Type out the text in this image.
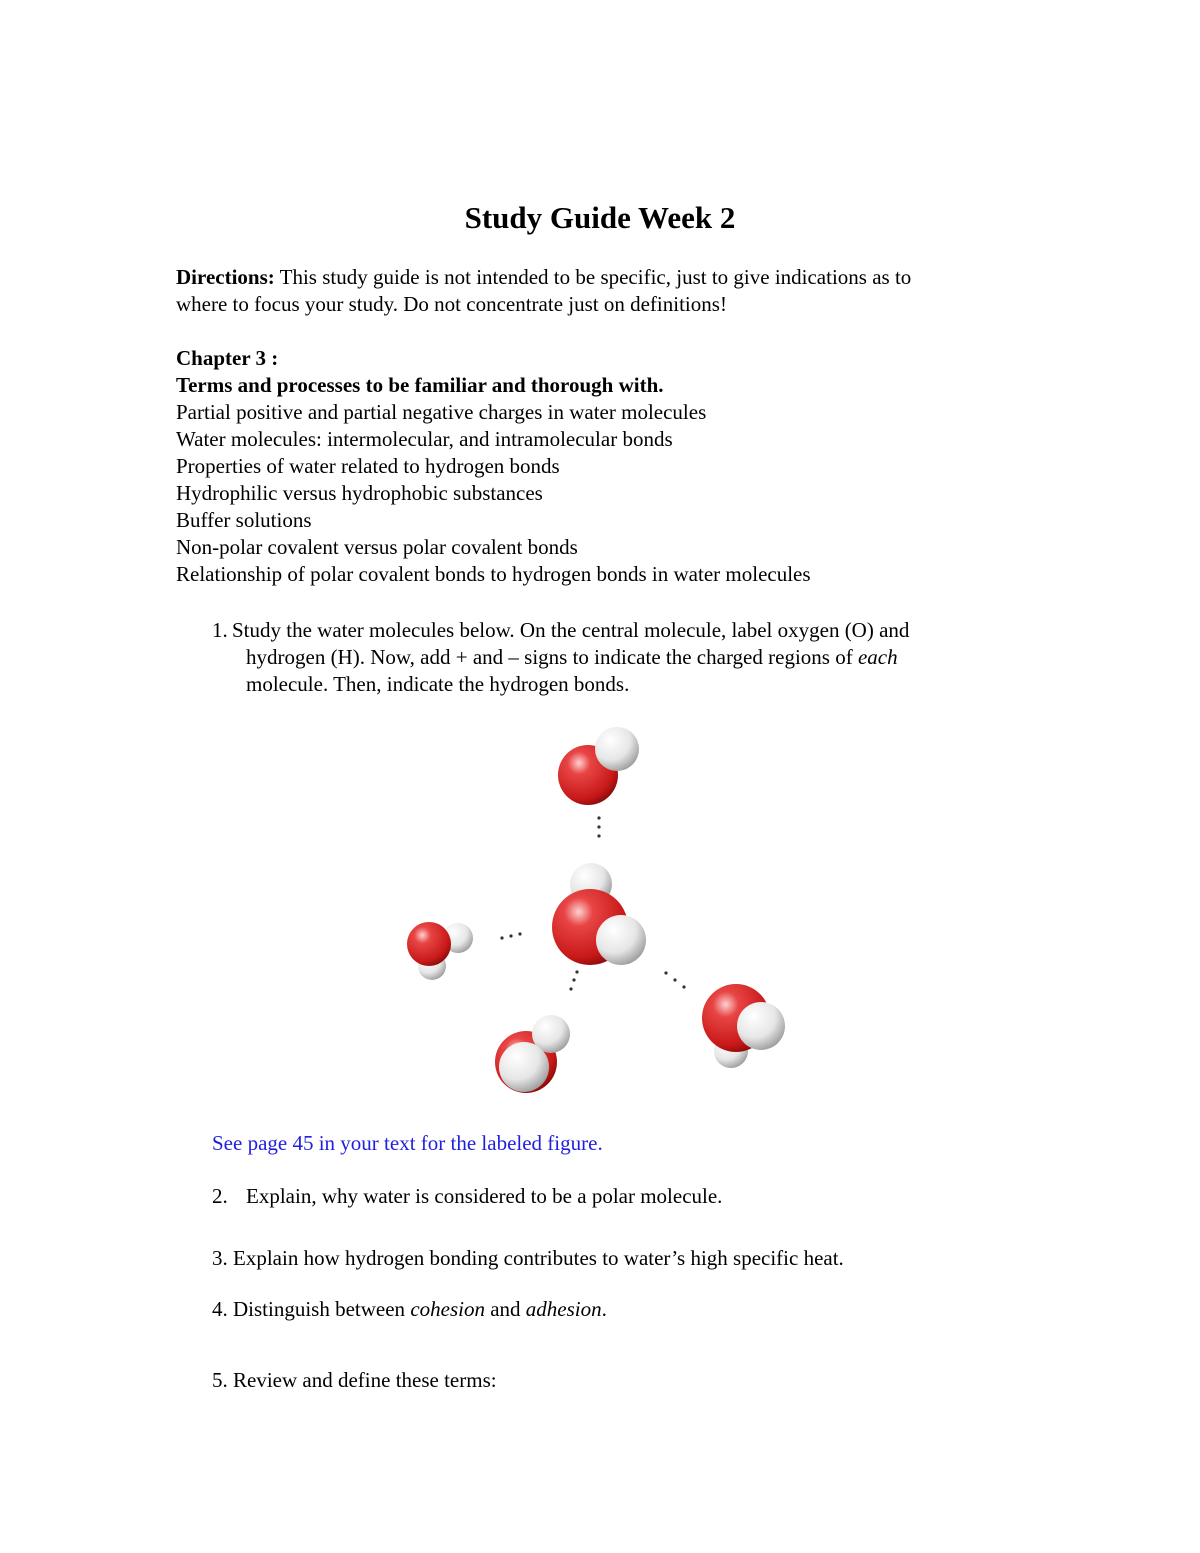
Study Guide Week 2
Directions: This study guide is not intended to be specific, just to give indications as to
where to focus your study. Do not concentrate just on definitions!
Chapter 3 :
Terms and processes to be familiar and thorough with.
Partial positive and partial negative charges in water molecules
Water molecules: intermolecular, and intramolecular bonds
Properties of water related to hydrogen bonds
Hydrophilic versus hydrophobic substances
Buffer solutions
Non-polar covalent versus polar covalent bonds
Relationship of polar covalent bonds to hydrogen bonds in water molecules
1. Study the water molecules below. On the central molecule, label oxygen (O) and
hydrogen (H). Now, add + and – signs to indicate the charged regions of each
molecule. Then, indicate the hydrogen bonds.
See page 45 in your text for the labeled figure.
2. Explain, why water is considered to be a polar molecule.
3. Explain how hydrogen bonding contributes to water’s high specific heat.
4. Distinguish between cohesion and adhesion.
5. Review and define these terms:
